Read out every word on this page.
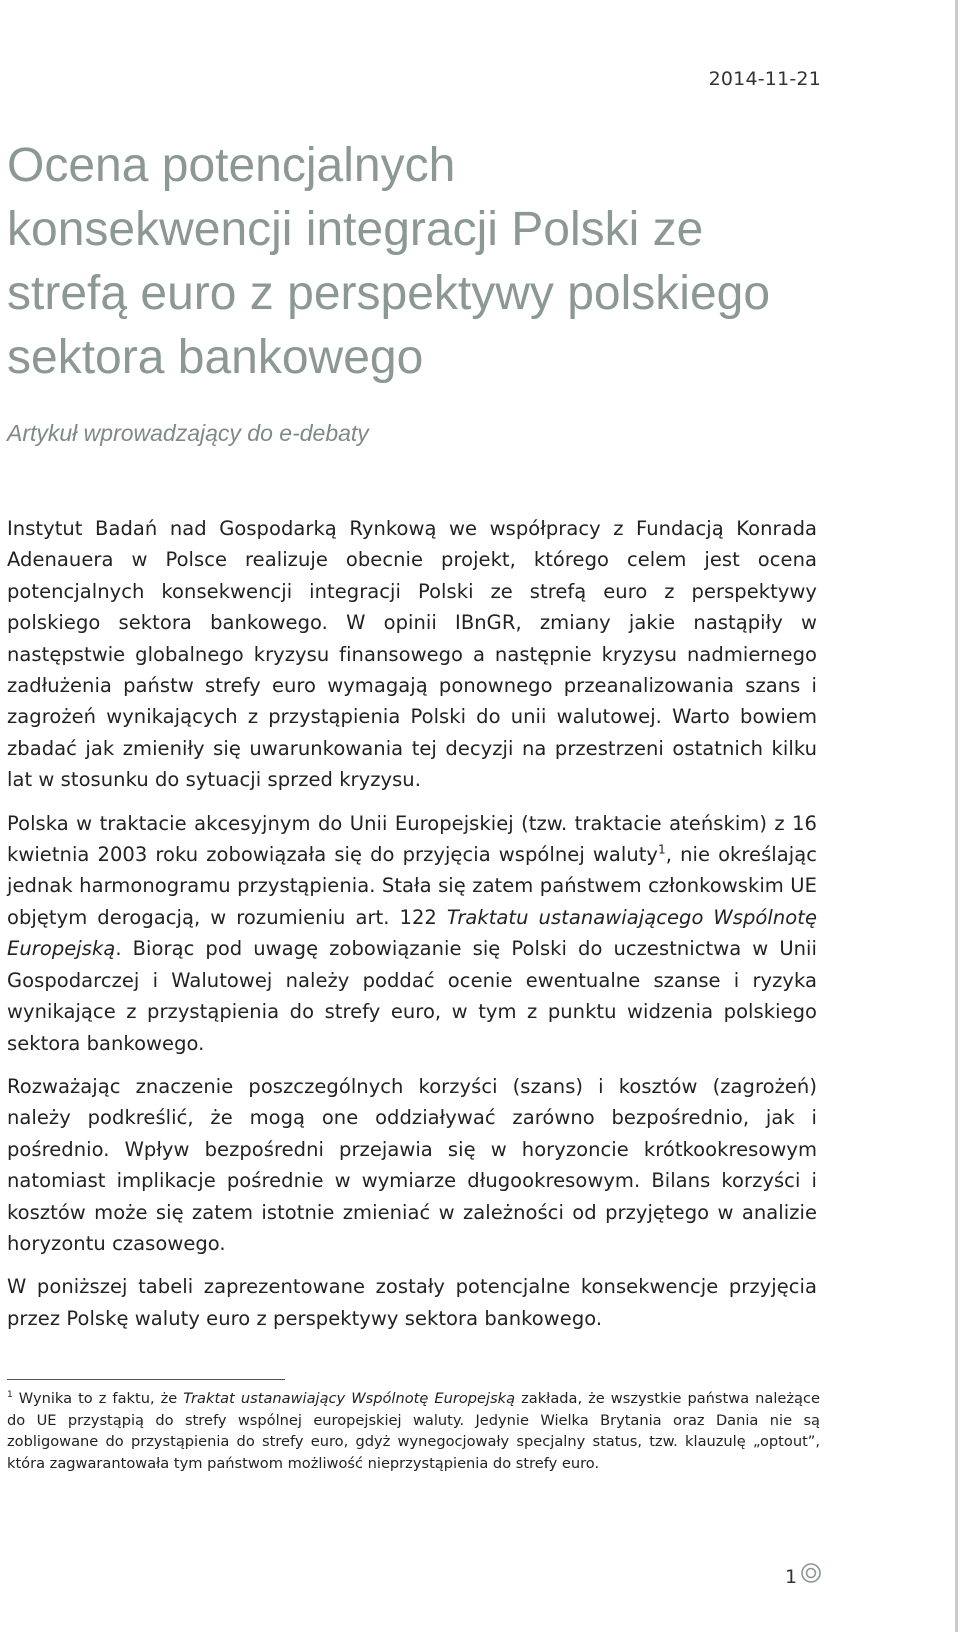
2014-11-21
Ocena potencjalnych
konsekwencji integracji Polski ze
strefą euro z perspektywy polskiego
sektora bankowego

Artykuł wprowadzający do e-debaty

Instytut Badań nad Gospodarką Rynkową we współpracy z Fundacją Konrada Adenauera w Polsce realizuje obecnie projekt, którego celem jest ocena potencjalnych konsekwencji integracji Polski ze strefą euro z perspektywy polskiego sektora bankowego. W opinii IBnGR, zmiany jakie nastąpiły w następstwie globalnego kryzysu finansowego a następnie kryzysu nadmiernego zadłużenia państw strefy euro wymagają ponownego przeanalizowania szans i zagrożeń wynikających z przystąpienia Polski do unii walutowej. Warto bowiem zbadać jak zmieniły się uwarunkowania tej decyzji na przestrzeni ostatnich kilku lat w stosunku do sytuacji sprzed kryzysu.

Polska w traktacie akcesyjnym do Unii Europejskiej (tzw. traktacie ateńskim) z 16 kwietnia 2003 roku zobowiązała się do przyjęcia wspólnej waluty$^1$, nie określając jednak harmonogramu przystąpienia. Stała się zatem państwem członkowskim UE objętym derogacją, w rozumieniu art. 122 Traktatu ustanawiającego Wspólnotę Europejską. Biorąc pod uwagę zobowiązanie się Polski do uczestnictwa w Unii Gospodarczej i Walutowej należy poddać ocenie ewentualne szanse i ryzyka wynikające z przystąpienia do strefy euro, w tym z punktu widzenia polskiego sektora bankowego.

Rozważając znaczenie poszczególnych korzyści (szans) i kosztów (zagrożeń) należy podkreślić, że mogą one oddziaływać zarówno bezpośrednio, jak i pośrednio. Wpływ bezpośredni przejawia się w horyzoncie krótkookresowym natomiast implikacje pośrednie w wymiarze długookresowym. Bilans korzyści i kosztów może się zatem istotnie zmieniać w zależności od przyjętego w analizie horyzontu czasowego.

W poniższej tabeli zaprezentowane zostały potencjalne konsekwencje przyjęcia przez Polskę waluty euro z perspektywy sektora bankowego.

$^1$ Wynika to z faktu, że Traktat ustanawiający Wspólnotę Europejską zakłada, że wszystkie państwa należące do UE przystąpią do strefy wspólnej europejskiej waluty. Jedynie Wielka Brytania oraz Dania nie są zobligowane do przystąpienia do strefy euro, gdyż wynegocjowały specjalny status, tzw. klauzulę „optout”, która zagwarantowała tym państwom możliwość nieprzystąpienia do strefy euro.

1
